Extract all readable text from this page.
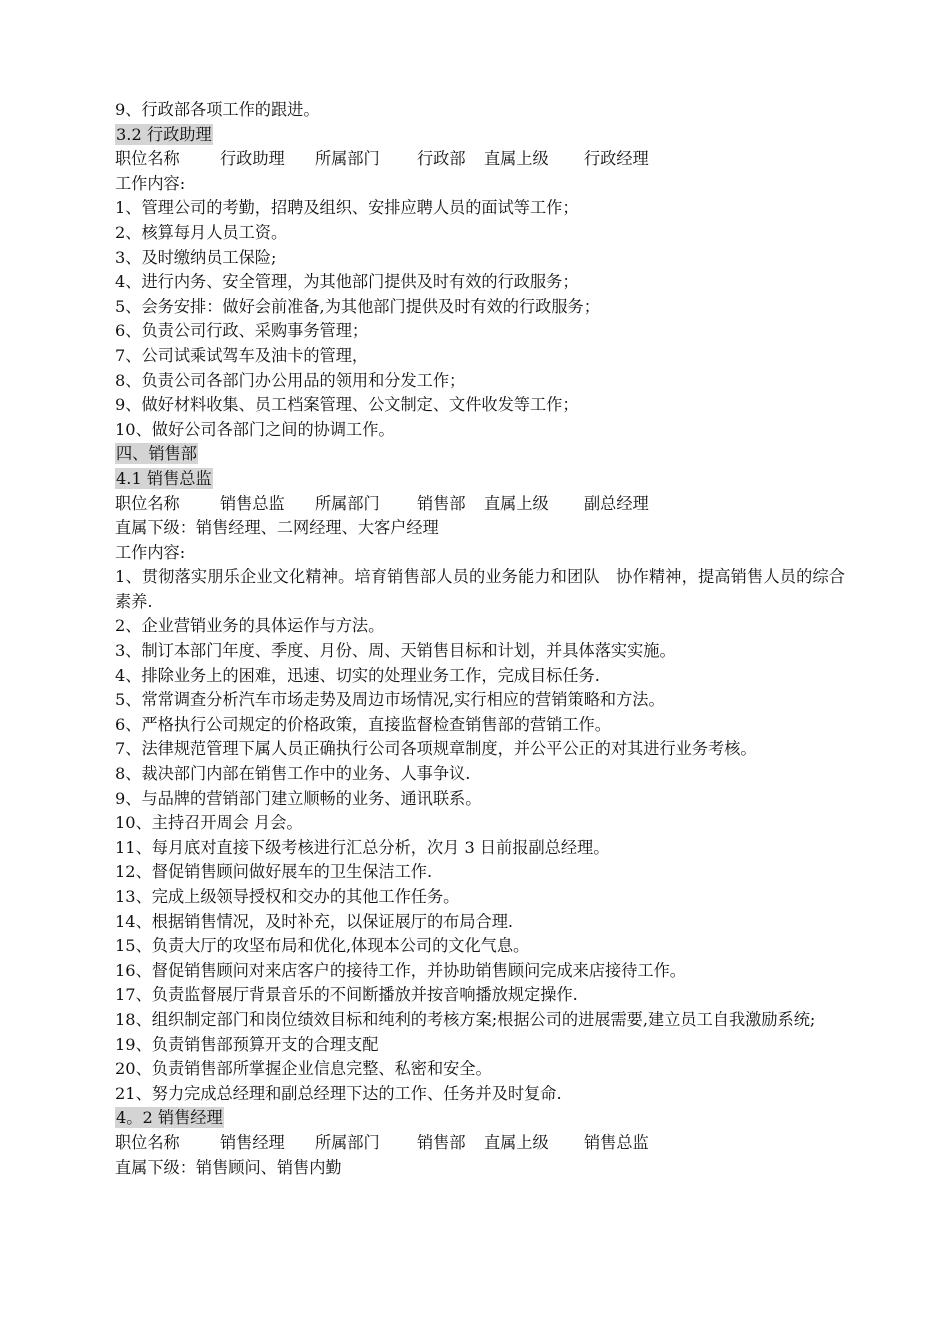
9、行政部各项工作的跟进。
3.2 行政助理
职位名称	行政助理	所属部门	行政部	直属上级	行政经理
工作内容:
1、管理公司的考勤，招聘及组织、安排应聘人员的面试等工作；
2、核算每月人员工资。
3、及时缴纳员工保险;
4、进行内务、安全管理，为其他部门提供及时有效的行政服务；
5、会务安排：做好会前准备,为其他部门提供及时有效的行政服务；
6、负责公司行政、采购事务管理；
7、公司试乘试驾车及油卡的管理，
8、负责公司各部门办公用品的领用和分发工作；
9、做好材料收集、员工档案管理、公文制定、文件收发等工作；
10、做好公司各部门之间的协调工作。
四、销售部
4.1 销售总监
职位名称	销售总监	所属部门	销售部	直属上级	副总经理
直属下级：销售经理、二网经理、大客户经理
工作内容:
1、贯彻落实朋乐企业文化精神。培育销售部人员的业务能力和团队　协作精神，提高销售人员的综合素养.
2、企业营销业务的具体运作与方法。
3、制订本部门年度、季度、月份、周、天销售目标和计划，并具体落实实施。
4、排除业务上的困难，迅速、切实的处理业务工作，完成目标任务.
5、常常调查分析汽车市场走势及周边市场情况,实行相应的营销策略和方法。
6、严格执行公司规定的价格政策，直接监督检查销售部的营销工作。
7、法律规范管理下属人员正确执行公司各项规章制度，并公平公正的对其进行业务考核。
8、裁决部门内部在销售工作中的业务、人事争议.
9、与品牌的营销部门建立顺畅的业务、通讯联系。
10、主持召开周会 月会。
11、每月底对直接下级考核进行汇总分析，次月 3 日前报副总经理。
12、督促销售顾问做好展车的卫生保洁工作.
13、完成上级领导授权和交办的其他工作任务。
14、根据销售情况，及时补充，以保证展厅的布局合理.
15、负责大厅的攻坚布局和优化,体现本公司的文化气息。
16、督促销售顾问对来店客户的接待工作，并协助销售顾问完成来店接待工作。
17、负责监督展厅背景音乐的不间断播放并按音响播放规定操作.
18、组织制定部门和岗位绩效目标和纯利的考核方案;根据公司的进展需要,建立员工自我激励系统;
19、负责销售部预算开支的合理支配
20、负责销售部所掌握企业信息完整、私密和安全。
21、努力完成总经理和副总经理下达的工作、任务并及时复命.
4。2 销售经理
职位名称	销售经理	所属部门	销售部	直属上级	销售总监
直属下级：销售顾问、销售内勤
